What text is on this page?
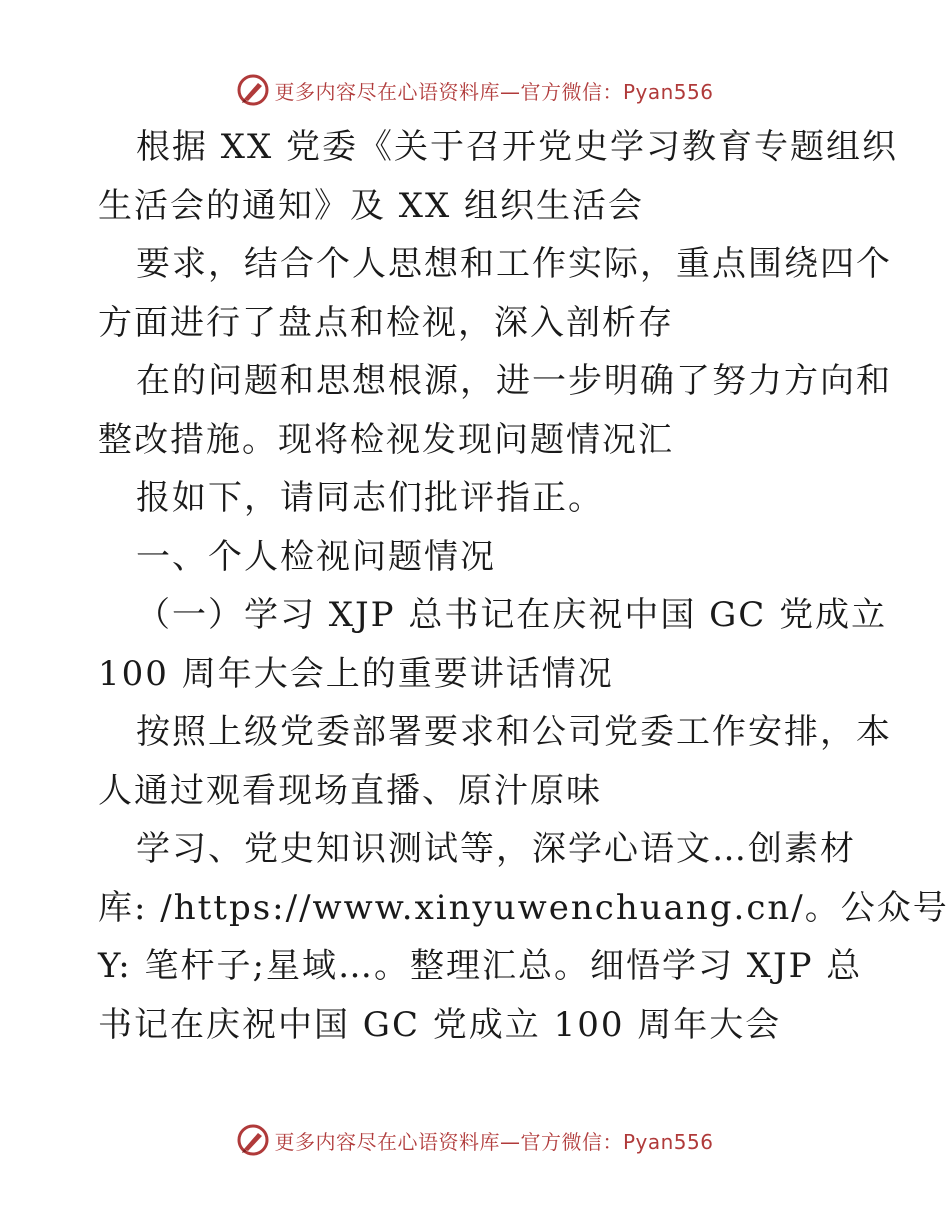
更多内容尽在心语资料库—官方微信：Pyan556
根据 XX 党委《关于召开党史学习教育专题组织
生活会的通知》及 XX 组织生活会
要求，结合个人思想和工作实际，重点围绕四个
方面进行了盘点和检视，深入剖析存
在的问题和思想根源，进一步明确了努力方向和
整改措施。现将检视发现问题情况汇
报如下，请同志们批评指正。
一、个人检视问题情况
（一）学习 XJP 总书记在庆祝中国 GC 党成立
100 周年大会上的重要讲话情况
按照上级党委部署要求和公司党委工作安排，本
人通过观看现场直播、原汁原味
学习、党史知识测试等，深学心语文…创素材
库: /https://www.xinyuwenchuang.cn/。公众号
Y: 笔杆子;星域…。整理汇总。细悟学习 XJP 总
书记在庆祝中国 GC 党成立 100 周年大会
更多内容尽在心语资料库—官方微信：Pyan556
